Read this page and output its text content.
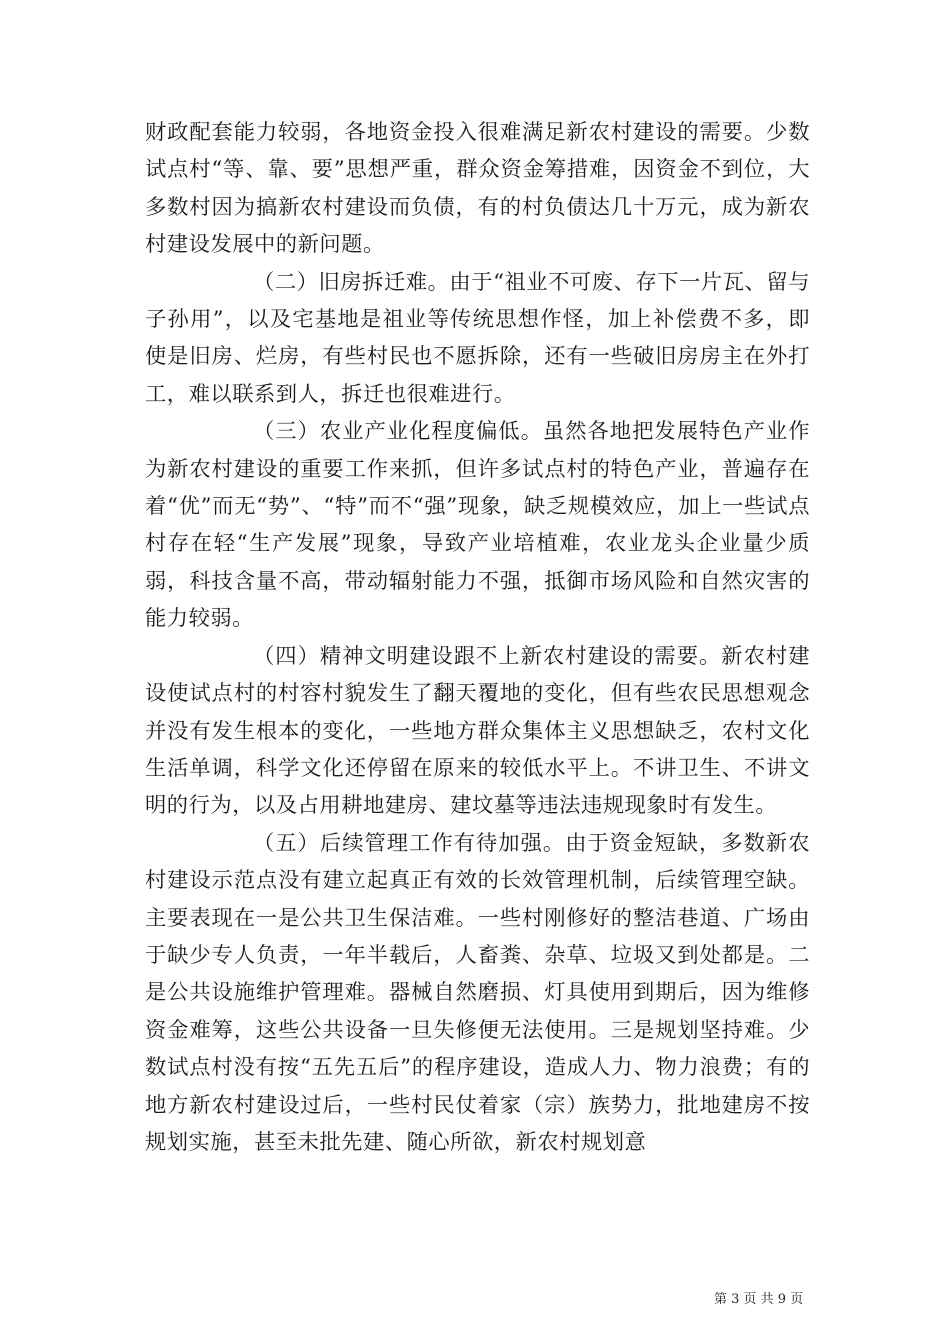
财政配套能力较弱，各地资金投入很难满足新农村建设的需要。少数试点村“等、靠、要”思想严重，群众资金筹措难，因资金不到位，大多数村因为搞新农村建设而负债，有的村负债达几十万元，成为新农村建设发展中的新问题。

（二）旧房拆迁难。由于“祖业不可废、存下一片瓦、留与子孙用”，以及宅基地是祖业等传统思想作怪，加上补偿费不多，即使是旧房、烂房，有些村民也不愿拆除，还有一些破旧房房主在外打工，难以联系到人，拆迁也很难进行。

（三）农业产业化程度偏低。虽然各地把发展特色产业作为新农村建设的重要工作来抓，但许多试点村的特色产业，普遍存在着“优”而无“势”、“特”而不“强”现象，缺乏规模效应，加上一些试点村存在轻“生产发展”现象，导致产业培植难，农业龙头企业量少质弱，科技含量不高，带动辐射能力不强，抵御市场风险和自然灾害的能力较弱。

（四）精神文明建设跟不上新农村建设的需要。新农村建设使试点村的村容村貌发生了翻天覆地的变化，但有些农民思想观念并没有发生根本的变化，一些地方群众集体主义思想缺乏，农村文化生活单调，科学文化还停留在原来的较低水平上。不讲卫生、不讲文明的行为，以及占用耕地建房、建坟墓等违法违规现象时有发生。

（五）后续管理工作有待加强。由于资金短缺，多数新农村建设示范点没有建立起真正有效的长效管理机制，后续管理空缺。主要表现在一是公共卫生保洁难。一些村刚修好的整洁巷道、广场由于缺少专人负责，一年半载后，人畜粪、杂草、垃圾又到处都是。二是公共设施维护管理难。器械自然磨损、灯具使用到期后，因为维修资金难筹，这些公共设备一旦失修便无法使用。三是规划坚持难。少数试点村没有按“五先五后”的程序建设，造成人力、物力浪费；有的地方新农村建设过后，一些村民仗着家（宗）族势力，批地建房不按规划实施，甚至未批先建、随心所欲，新农村规划意

第 3 页 共 9 页
